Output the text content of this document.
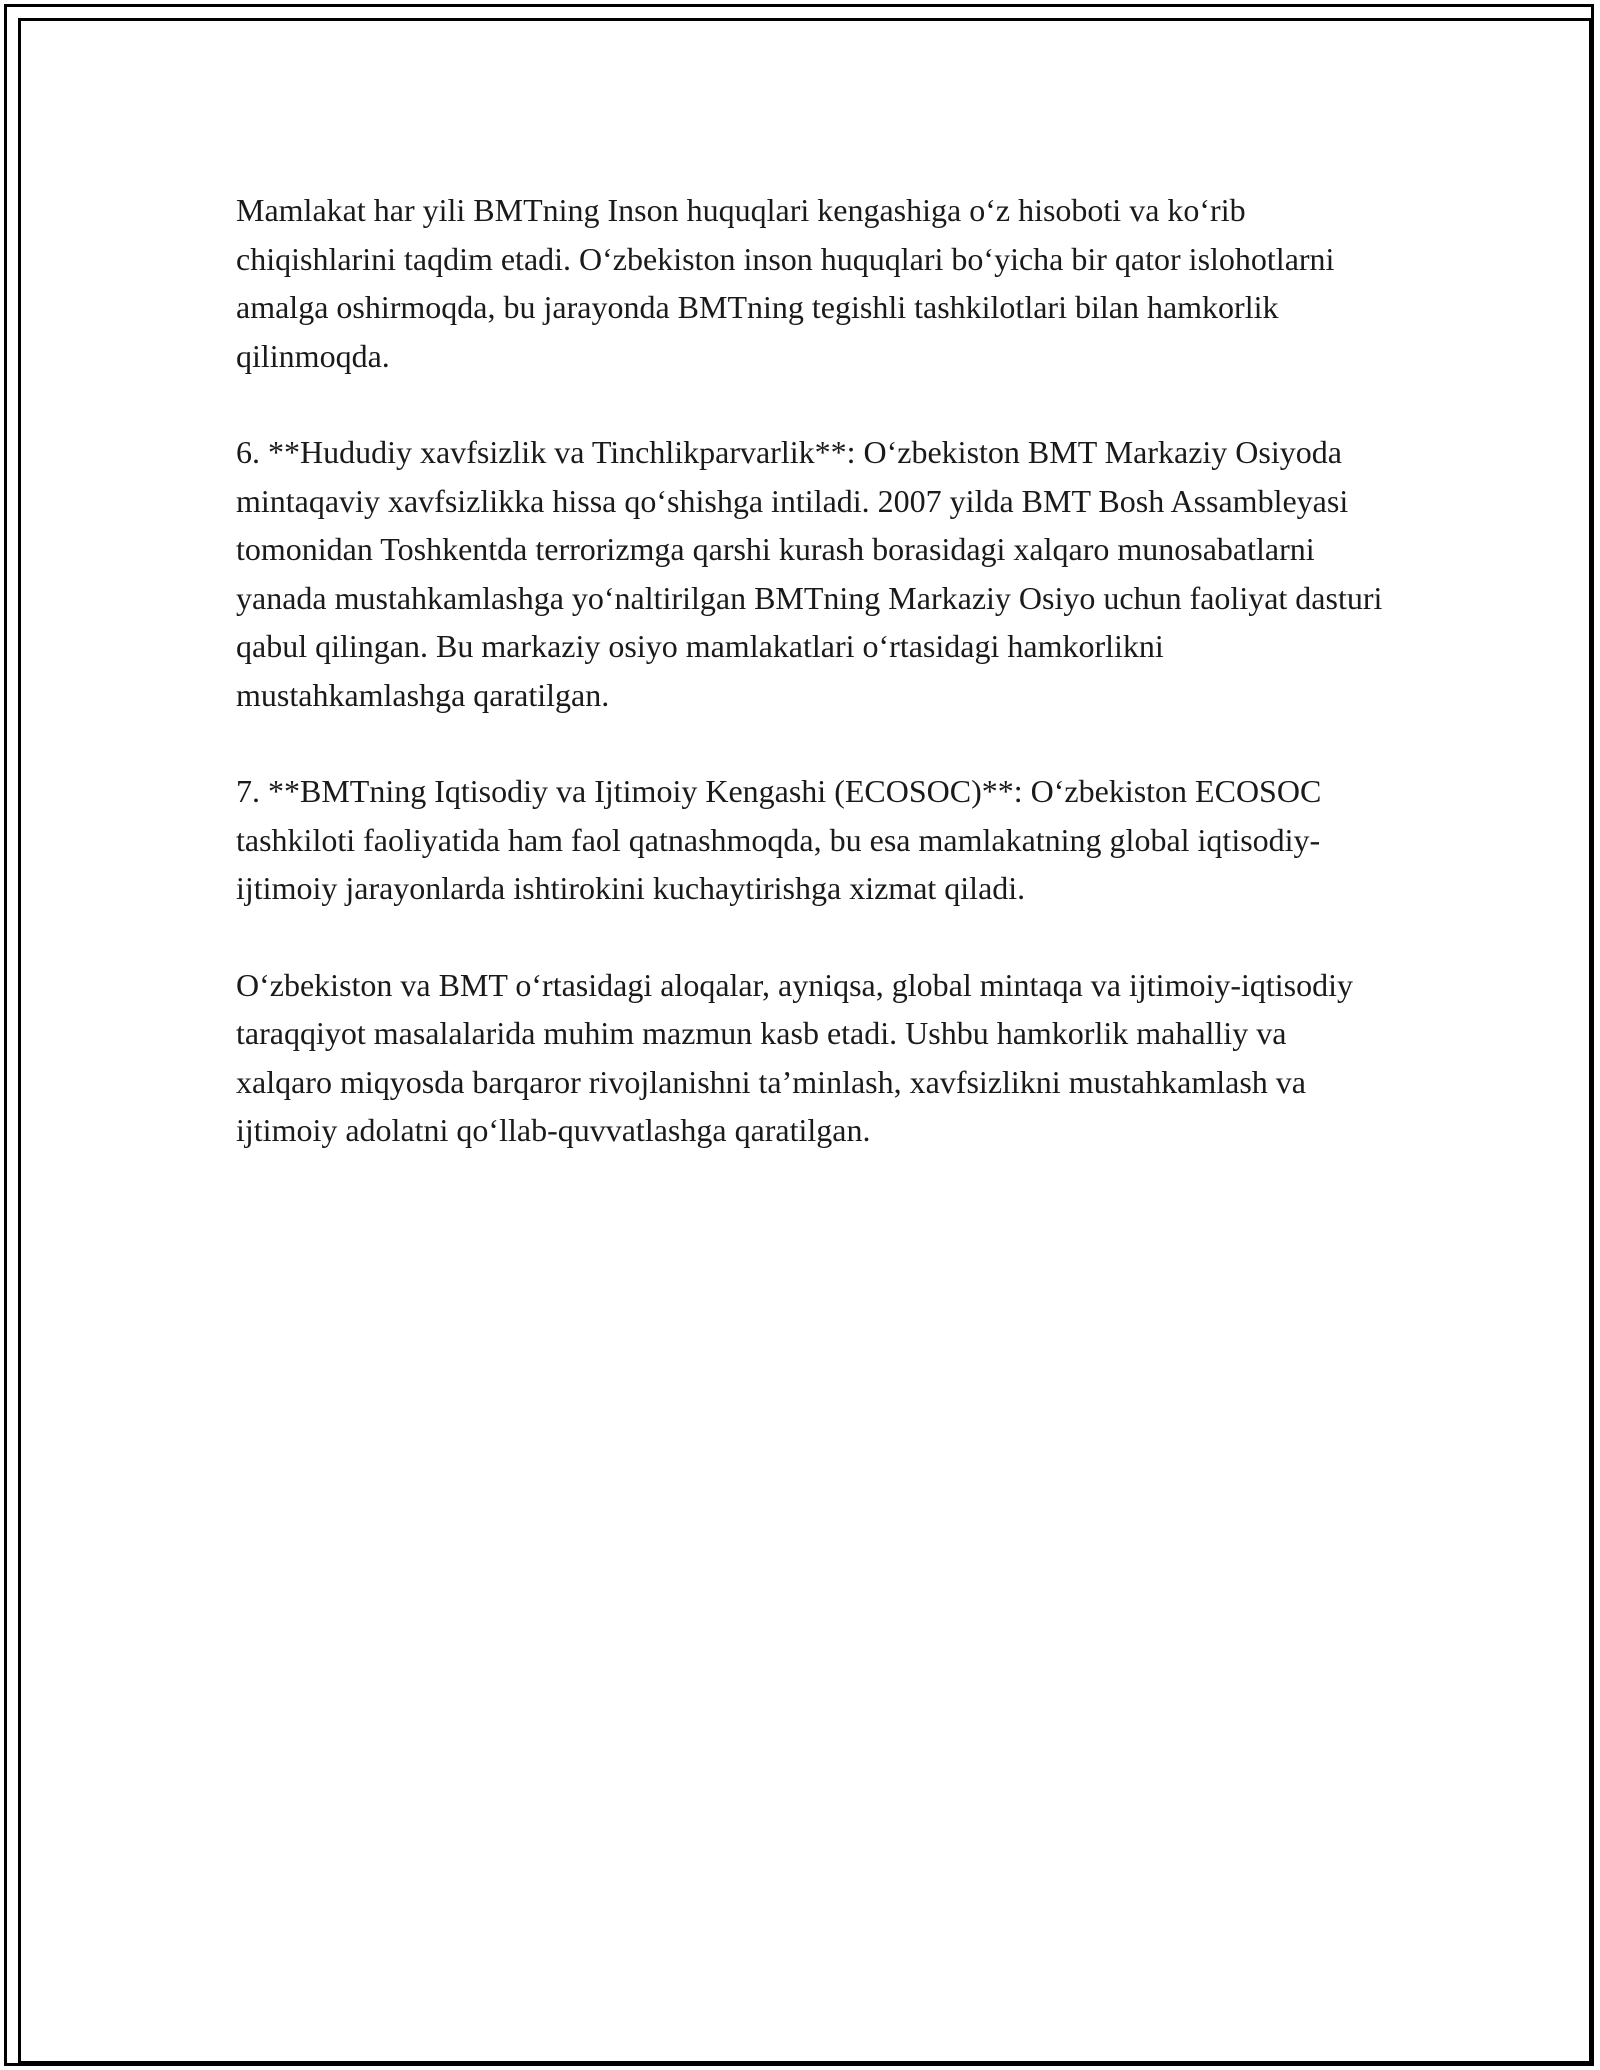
Mamlakat har yili BMTning Inson huquqlari kengashiga o‘z hisoboti va ko‘rib chiqishlarini taqdim etadi. O‘zbekiston inson huquqlari bo‘yicha bir qator islohotlarni amalga oshirmoqda, bu jarayonda BMTning tegishli tashkilotlari bilan hamkorlik qilinmoqda.

6. **Hududiy xavfsizlik va Tinchlikparvarlik**: O‘zbekiston BMT Markaziy Osiyoda mintaqaviy xavfsizlikka hissa qo‘shishga intiladi. 2007 yilda BMT Bosh Assambleyasi tomonidan Toshkentda terrorizmga qarshi kurash borasidagi xalqaro munosabatlarni yanada mustahkamlashga yo‘naltirilgan BMTning Markaziy Osiyo uchun faoliyat dasturi qabul qilingan. Bu markaziy osiyo mamlakatlari o‘rtasidagi hamkorlikni mustahkamlashga qaratilgan.

7. **BMTning Iqtisodiy va Ijtimoiy Kengashi (ECOSOC)**: O‘zbekiston ECOSOC tashkiloti faoliyatida ham faol qatnashmoqda, bu esa mamlakatning global iqtisodiy-ijtimoiy jarayonlarda ishtirokini kuchaytirishga xizmat qiladi.

O‘zbekiston va BMT o‘rtasidagi aloqalar, ayniqsa, global mintaqa va ijtimoiy-iqtisodiy taraqqiyot masalalarida muhim mazmun kasb etadi. Ushbu hamkorlik mahalliy va xalqaro miqyosda barqaror rivojlanishni ta’minlash, xavfsizlikni mustahkamlash va ijtimoiy adolatni qo‘llab-quvvatlashga qaratilgan.
